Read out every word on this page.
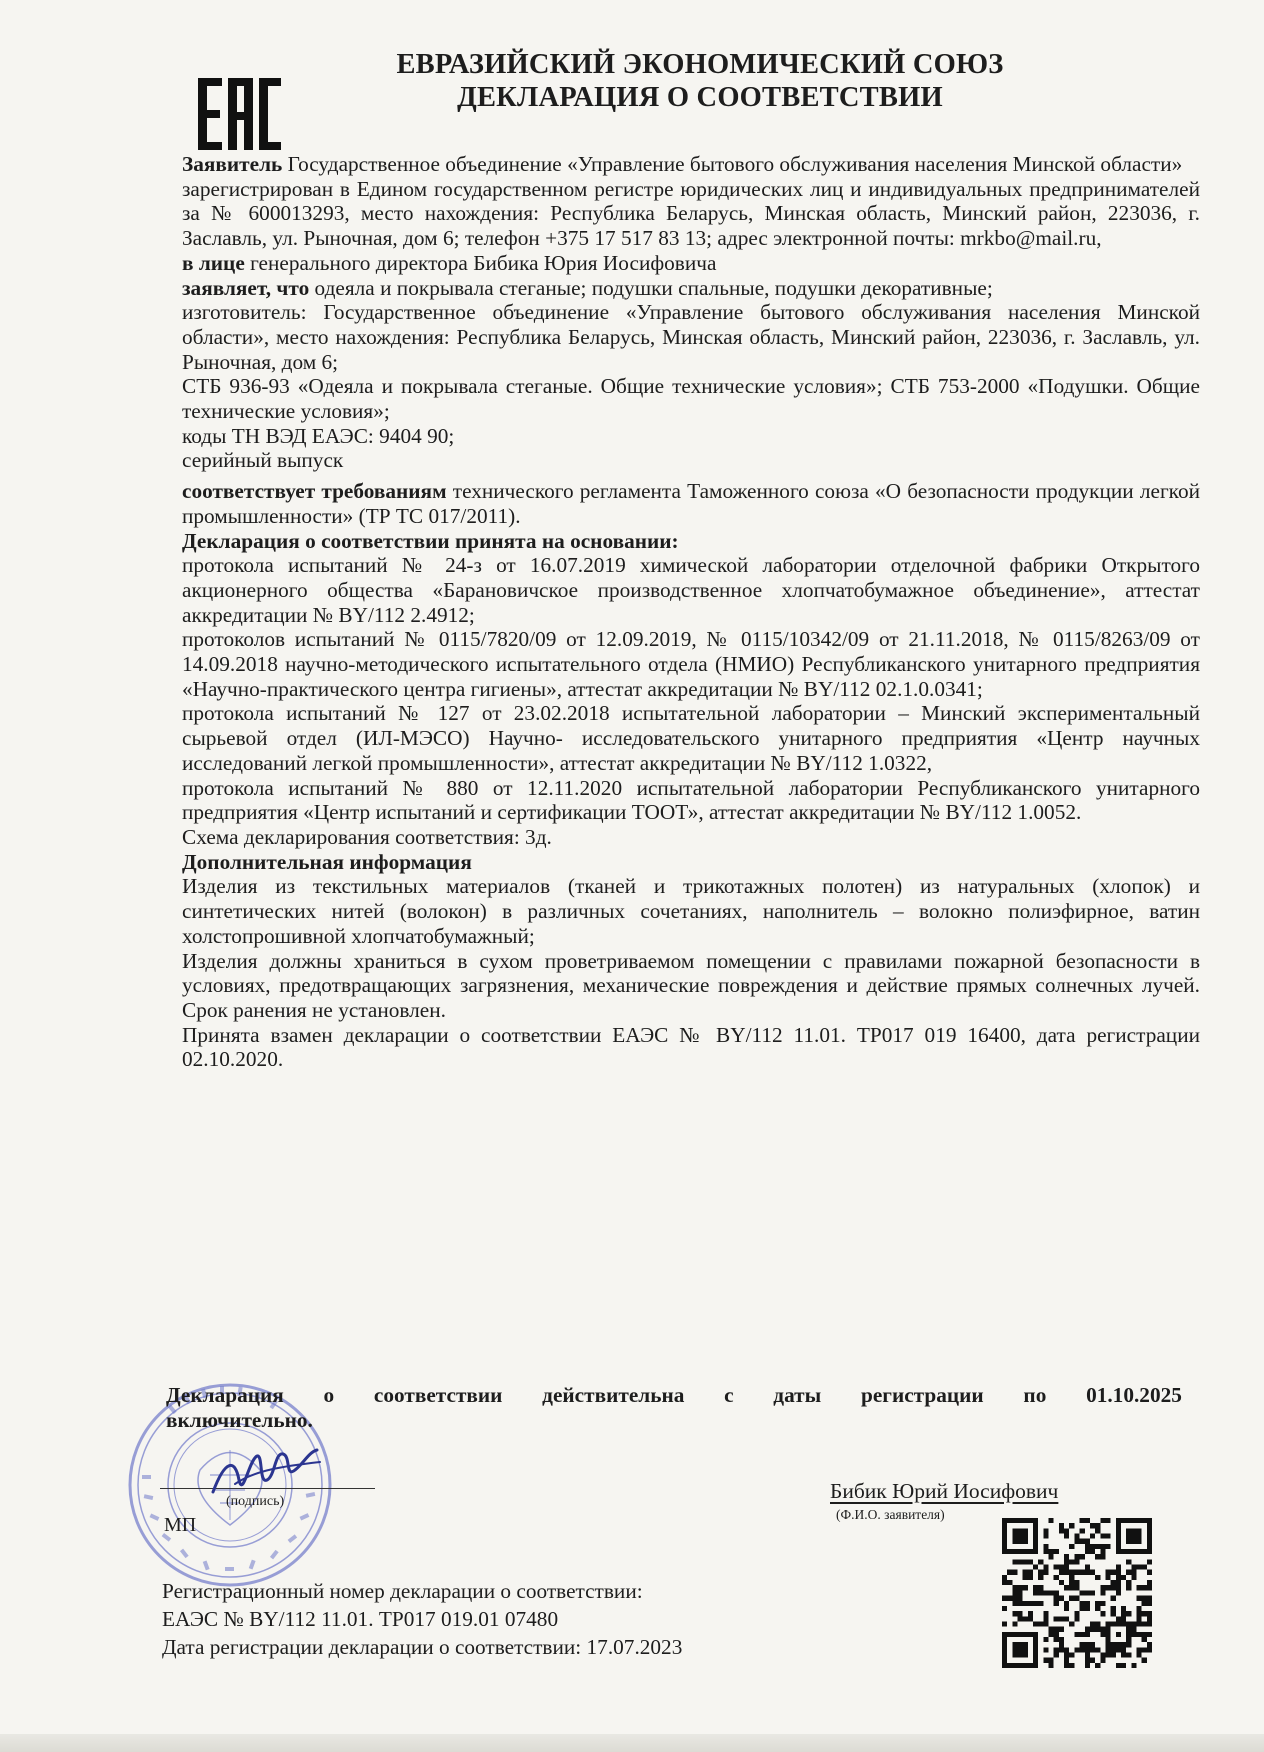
ЕВРАЗИЙСКИЙ ЭКОНОМИЧЕСКИЙ СОЮЗ
ДЕКЛАРАЦИЯ О СООТВЕТСТВИИ

Заявитель Государственное объединение «Управление бытового обслуживания населения Минской области»

зарегистрирован в Едином государственном регистре юридических лиц и индивидуальных предпринимателей за № 600013293, место нахождения: Республика Беларусь, Минская область, Минский район, 223036, г. Заславль, ул. Рыночная, дом 6; телефон +375 17 517 83 13; адрес электронной почты: mrkbo@mail.ru,

в лице генерального директора Бибика Юрия Иосифовича

заявляет, что одеяла и покрывала стеганые; подушки спальные, подушки декоративные;

изготовитель: Государственное объединение «Управление бытового обслуживания населения Минской области», место нахождения: Республика Беларусь, Минская область, Минский район, 223036, г. Заславль, ул. Рыночная, дом 6;

СТБ 936-93 «Одеяла и покрывала стеганые. Общие технические условия»; СТБ 753-2000 «Подушки. Общие технические условия»;

коды ТН ВЭД ЕАЭС: 9404 90;

серийный выпуск

соответствует требованиям технического регламента Таможенного союза «О безопасности продукции легкой промышленности» (ТР ТС 017/2011).

Декларация о соответствии принята на основании:

протокола испытаний № 24-з от 16.07.2019 химической лаборатории отделочной фабрики Открытого акционерного общества «Барановичское производственное хлопчатобумажное объединение», аттестат аккредитации № BY/112 2.4912;

протоколов испытаний № 0115/7820/09 от 12.09.2019, № 0115/10342/09 от 21.11.2018, № 0115/8263/09 от 14.09.2018 научно-методического испытательного отдела (НМИО) Республиканского унитарного предприятия «Научно-практического центра гигиены», аттестат аккредитации № BY/112 02.1.0.0341;

протокола испытаний № 127 от 23.02.2018 испытательной лаборатории – Минский экспериментальный сырьевой отдел (ИЛ-МЭСО) Научно- исследовательского унитарного предприятия «Центр научных исследований легкой промышленности», аттестат аккредитации № BY/112 1.0322,

протокола испытаний № 880 от 12.11.2020 испытательной лаборатории Республиканского унитарного предприятия «Центр испытаний и сертификации ТООТ», аттестат аккредитации № BY/112 1.0052.

Схема декларирования соответствия: 3д.

Дополнительная информация

Изделия из текстильных материалов (тканей и трикотажных полотен) из натуральных (хлопок) и синтетических нитей (волокон) в различных сочетаниях, наполнитель – волокно полиэфирное, ватин холстопрошивной хлопчатобумажный;

Изделия должны храниться в сухом проветриваемом помещении с правилами пожарной безопасности в условиях, предотвращающих загрязнения, механические повреждения и действие прямых солнечных лучей. Срок ранения не установлен.

Принята взамен декларации о соответствии ЕАЭС № BY/112 11.01. ТР017 019 16400, дата регистрации 02.10.2020.

(подпись)
МП
Декларация о соответствии действительна с даты регистрации по 01.10.2025
включительно.
Бибик Юрий Иосифович
(Ф.И.О. заявителя)
Регистрационный номер декларации о соответствии:
ЕАЭС № BY/112 11.01. ТР017 019.01 07480
Дата регистрации декларации о соответствии: 17.07.2023
